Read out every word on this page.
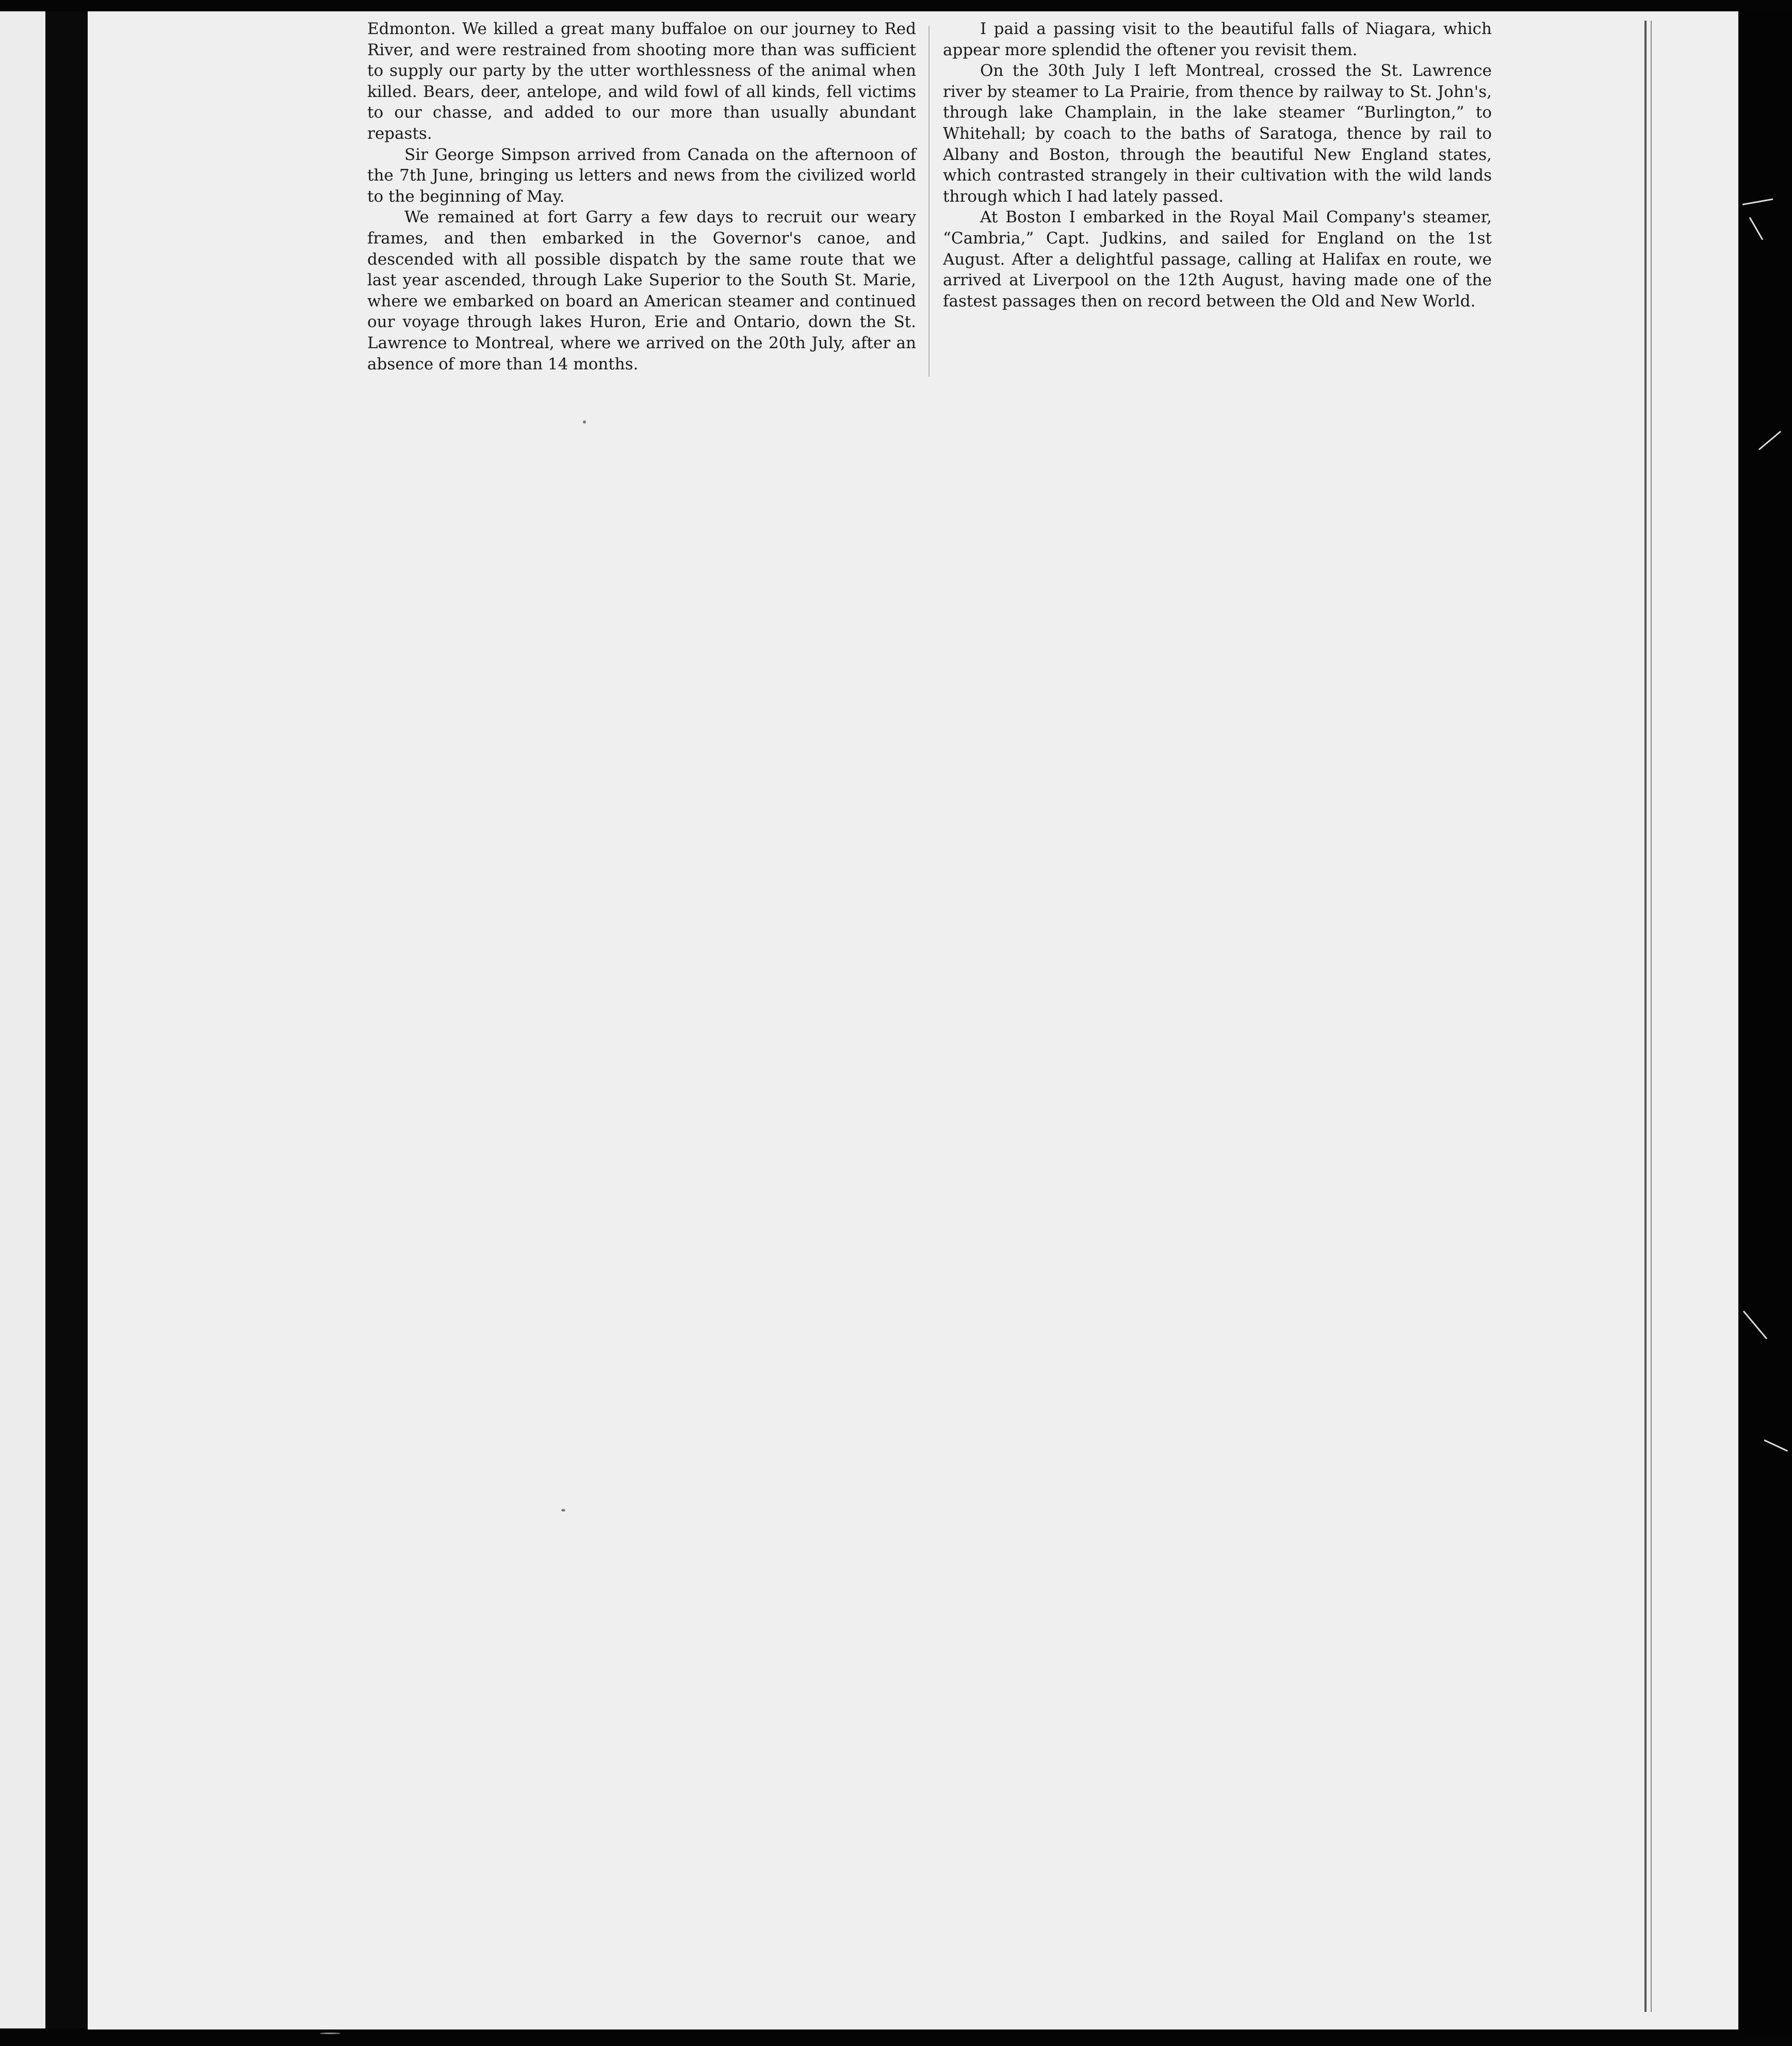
Edmonton. We killed a great many buffaloe on our journey to Red River, and were restrained from shooting more than was sufficient to supply our party by the utter worthlessness of the animal when killed. Bears, deer, antelope, and wild fowl of all kinds, fell victims to our chasse, and added to our more than usually abundant repasts.

Sir George Simpson arrived from Canada on the afternoon of the 7th June, bringing us letters and news from the civilized world to the beginning of May.

We remained at fort Garry a few days to recruit our weary frames, and then embarked in the Governor's canoe, and descended with all possible dispatch by the same route that we last year ascended, through Lake Superior to the South St. Marie, where we embarked on board an American steamer and continued our voyage through lakes Huron, Erie and Ontario, down the St. Lawrence to Montreal, where we arrived on the 20th July, after an absence of more than 14 months.

I paid a passing visit to the beautiful falls of Niagara, which appear more splendid the oftener you revisit them.

On the 30th July I left Montreal, crossed the St. Lawrence river by steamer to La Prairie, from thence by railway to St. John's, through lake Champlain, in the lake steamer “Burlington,” to Whitehall; by coach to the baths of Saratoga, thence by rail to Albany and Boston, through the beautiful New England states, which contrasted strangely in their cultivation with the wild lands through which I had lately passed.

At Boston I embarked in the Royal Mail Company's steamer, “Cambria,” Capt. Judkins, and sailed for England on the 1st August. After a delightful passage, calling at Halifax en route, we arrived at Liverpool on the 12th August, having made one of the fastest passages then on record between the Old and New World.
